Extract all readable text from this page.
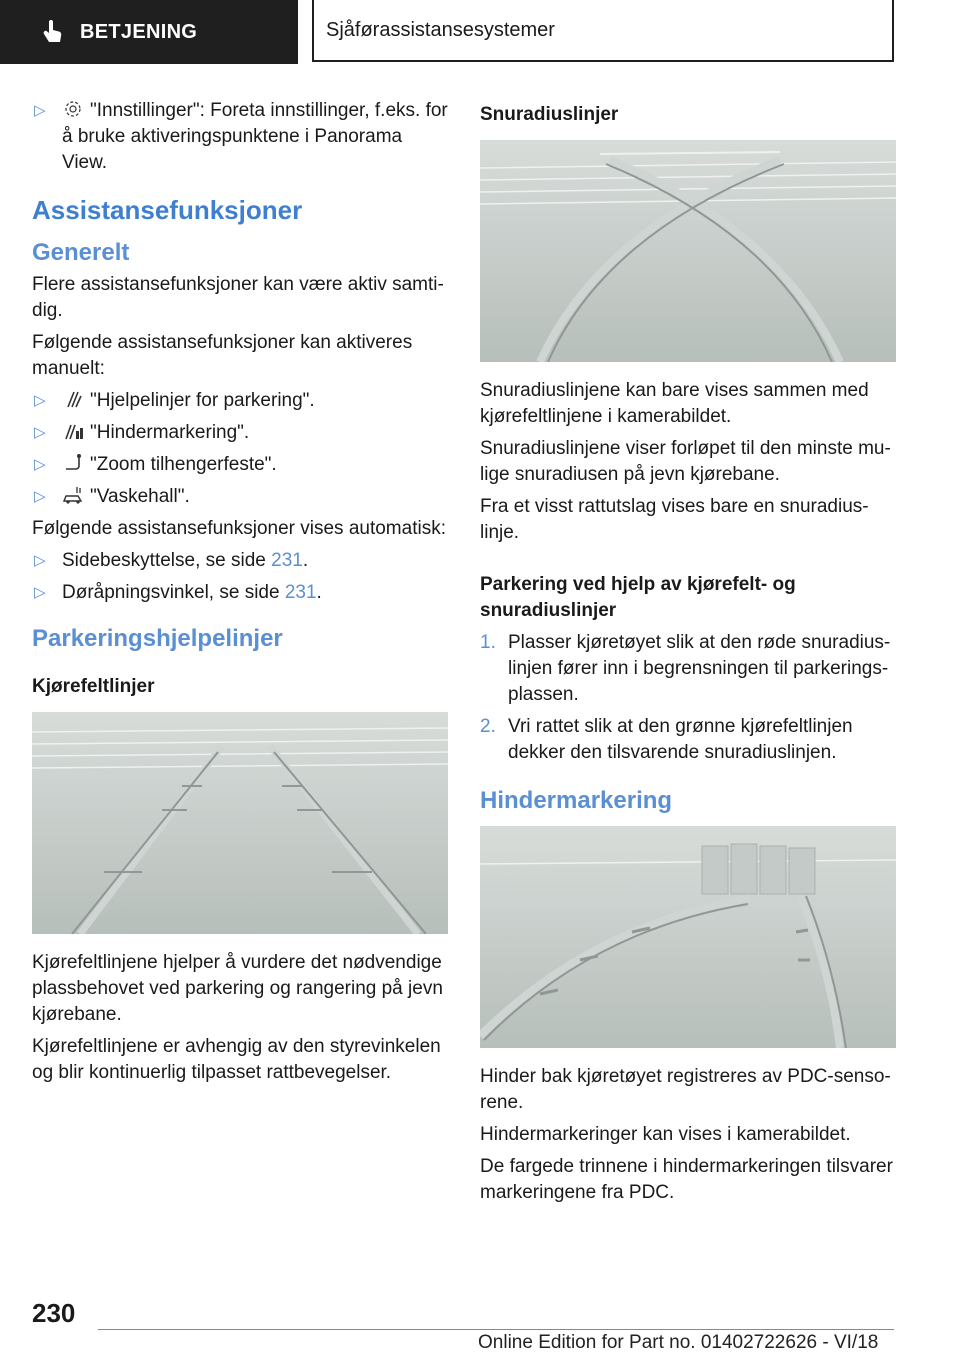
BETJENING	Sjåførassistansesystemer
▷ "Innstillinger": Foreta innstillinger, f.eks. for å bruke aktiveringspunktene i Panorama View.
Assistansefunksjoner
Generelt

Flere assistansefunksjoner kan være aktiv samti-dig.

Følgende assistansefunksjoner kan aktiveres manuelt:

▷ "Hjelpelinjer for parkering".
▷ "Hindermarkering".
▷ "Zoom tilhengerfeste".
▷ "Vaskehall".

Følgende assistansefunksjoner vises automatisk:

▷ Sidebeskyttelse, se side 231.
▷ Døråpningsvinkel, se side 231.
Parkeringshjelpelinjer
Kjørefeltlinjer

Kjørefeltlinjene hjelper å vurdere det nødvendige plassbehovet ved parkering og rangering på jevn kjørebane.

Kjørefeltlinjene er avhengig av den styrevinkelen og blir kontinuerlig tilpasset rattbevegelser.

Snuradiuslinjer

Snuradiuslinjene kan bare vises sammen med kjørefeltlinjene i kamerabildet.

Snuradiuslinjene viser forløpet til den minste mu-lige snuradiusen på jevn kjørebane.

Fra et visst rattutslag vises bare en snuradius-linje.

Parkering ved hjelp av kjørefelt- og snuradiuslinjer
1. Plasser kjøretøyet slik at den røde snuradius-linjen fører inn i begrensningen til parkerings-plassen.
2. Vri rattet slik at den grønne kjørefeltlinjen dekker den tilsvarende snuradiuslinjen.
Hindermarkering

Hinder bak kjøretøyet registreres av PDC-senso-rene.

Hindermarkeringer kan vises i kamerabildet.

De fargede trinnene i hindermarkeringen tilsvarer markeringene fra PDC.

230
Online Edition for Part no. 01402722626 - VI/18
